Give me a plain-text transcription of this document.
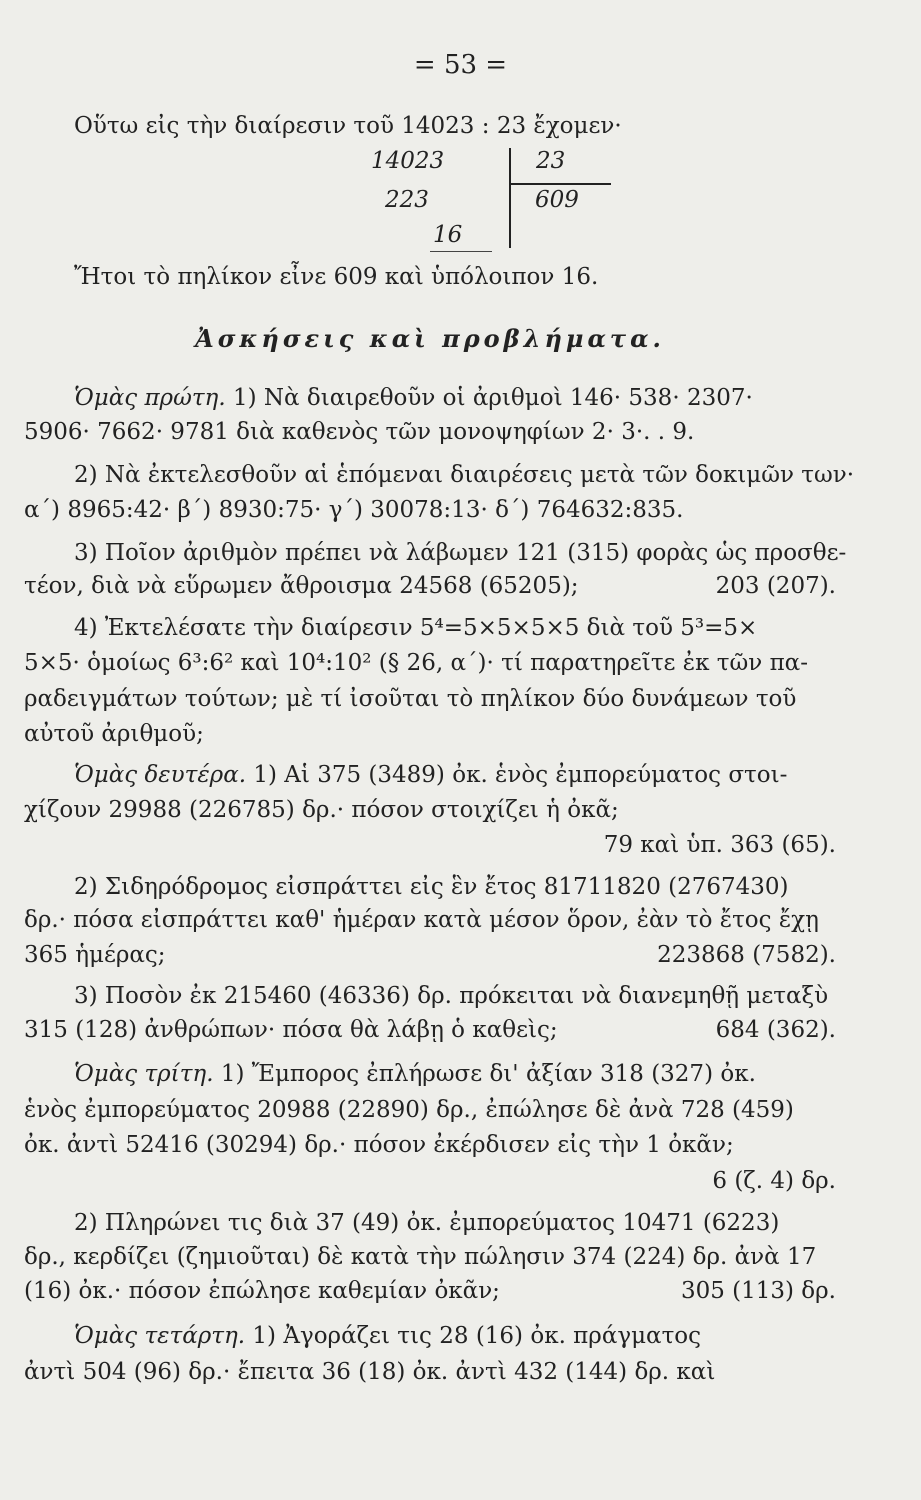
= 53 =
Οὕτω εἰς τὴν διαίρεσιν τοῦ 14023 : 23 ἔχομεν·
14023	23
223	609
16
Ἤτοι τὸ πηλίκον εἶνε 609 καὶ ὑπόλοιπον 16.
Ἀσκήσεις καὶ προβλήματα.
Ὁμὰς πρώτη. 1) Νὰ διαιρεθοῦν οἱ ἀριθμοὶ 146· 538· 2307·
5906· 7662· 9781 διὰ καθενὸς τῶν μονοψηφίων 2· 3·. . 9.
2) Νὰ ἐκτελεσθοῦν αἱ ἑπόμεναι διαιρέσεις μετὰ τῶν δοκιμῶν των·
α΄) 8965:42· β΄) 8930:75· γ΄) 30078:13· δ΄) 764632:835.
3) Ποῖον ἀριθμὸν πρέπει νὰ λάβωμεν 121 (315) φορὰς ὡς προσθε-
τέον, διὰ νὰ εὕρωμεν ἄθροισμα 24568 (65205);	203 (207).
4) Ἐκτελέσατε τὴν διαίρεσιν 5⁴=5×5×5×5 διὰ τοῦ 5³=5×
5×5· ὁμοίως 6³:6² καὶ 10⁴:10² (§ 26, α΄)· τί παρατηρεῖτε ἐκ τῶν πα-
ραδειγμάτων τούτων; μὲ τί ἰσοῦται τὸ πηλίκον δύο δυνάμεων τοῦ
αὐτοῦ ἀριθμοῦ;
Ὁμὰς δευτέρα. 1) Αἱ 375 (3489) ὀκ. ἑνὸς ἐμπορεύματος στοι-
χίζουν 29988 (226785) δρ.· πόσον στοιχίζει ἡ ὀκᾶ;
79 καὶ ὑπ. 363 (65).
2) Σιδηρόδρομος εἰσπράττει εἰς ἓν ἔτος 81711820 (2767430)
δρ.· πόσα εἰσπράττει καθ' ἡμέραν κατὰ μέσον ὅρον, ἐὰν τὸ ἔτος ἔχῃ
365 ἡμέρας;	223868 (7582).
3) Ποσὸν ἐκ 215460 (46336) δρ. πρόκειται νὰ διανεμηθῇ μεταξὺ
315 (128) ἀνθρώπων· πόσα θὰ λάβῃ ὁ καθεὶς;	684 (362).
Ὁμὰς τρίτη. 1) Ἔμπορος ἐπλήρωσε δι' ἀξίαν 318 (327) ὀκ.
ἑνὸς ἐμπορεύματος 20988 (22890) δρ., ἐπώλησε δὲ ἀνὰ 728 (459)
ὀκ. ἀντὶ 52416 (30294) δρ.· πόσον ἐκέρδισεν εἰς τὴν 1 ὀκᾶν;
6 (ζ. 4) δρ.
2) Πληρώνει τις διὰ 37 (49) ὀκ. ἐμπορεύματος 10471 (6223)
δρ., κερδίζει (ζημιοῦται) δὲ κατὰ τὴν πώλησιν 374 (224) δρ. ἀνὰ 17
(16) ὀκ.· πόσον ἐπώλησε καθεμίαν ὀκᾶν;	305 (113) δρ.
Ὁμὰς τετάρτη. 1) Ἀγοράζει τις 28 (16) ὀκ. πράγματος
ἀντὶ 504 (96) δρ.· ἔπειτα 36 (18) ὀκ. ἀντὶ 432 (144) δρ. καὶ
